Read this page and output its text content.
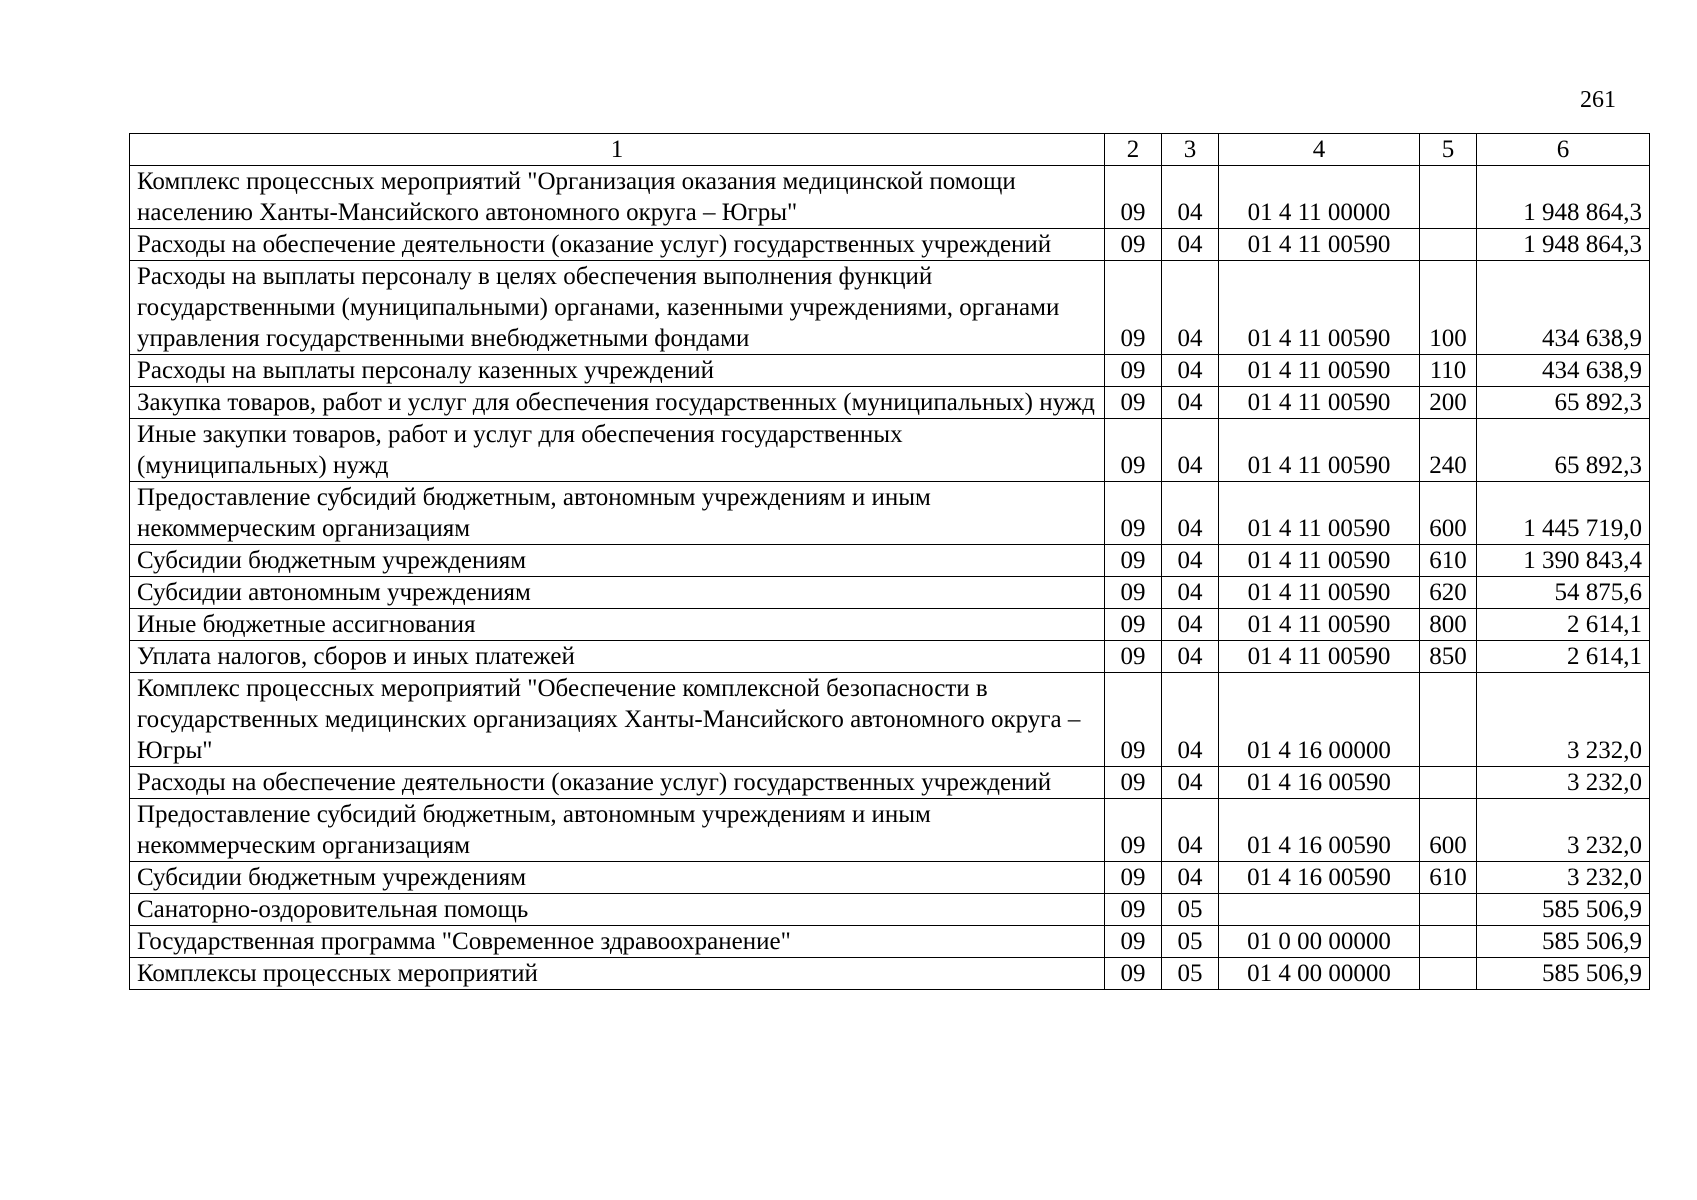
261
1	2	3	4	5	6
Комплекс процессных мероприятий "Организация оказания медицинской помощи населению Ханты-Мансийского автономного округа – Югры"	09	04	01 4 11 00000		1 948 864,3
Расходы на обеспечение деятельности (оказание услуг) государственных учреждений	09	04	01 4 11 00590		1 948 864,3
Расходы на выплаты персоналу в целях обеспечения выполнения функций государственными (муниципальными) органами, казенными учреждениями, органами управления государственными внебюджетными фондами	09	04	01 4 11 00590	100	434 638,9
Расходы на выплаты персоналу казенных учреждений	09	04	01 4 11 00590	110	434 638,9
Закупка товаров, работ и услуг для обеспечения государственных (муниципальных) нужд	09	04	01 4 11 00590	200	65 892,3
Иные закупки товаров, работ и услуг для обеспечения государственных (муниципальных) нужд	09	04	01 4 11 00590	240	65 892,3
Предоставление субсидий бюджетным, автономным учреждениям и иным некоммерческим организациям	09	04	01 4 11 00590	600	1 445 719,0
Субсидии бюджетным учреждениям	09	04	01 4 11 00590	610	1 390 843,4
Субсидии автономным учреждениям	09	04	01 4 11 00590	620	54 875,6
Иные бюджетные ассигнования	09	04	01 4 11 00590	800	2 614,1
Уплата налогов, сборов и иных платежей	09	04	01 4 11 00590	850	2 614,1
Комплекс процессных мероприятий "Обеспечение комплексной безопасности в государственных медицинских организациях Ханты-Мансийского автономного округа – Югры"	09	04	01 4 16 00000		3 232,0
Расходы на обеспечение деятельности (оказание услуг) государственных учреждений	09	04	01 4 16 00590		3 232,0
Предоставление субсидий бюджетным, автономным учреждениям и иным некоммерческим организациям	09	04	01 4 16 00590	600	3 232,0
Субсидии бюджетным учреждениям	09	04	01 4 16 00590	610	3 232,0
Санаторно-оздоровительная помощь	09	05			585 506,9
Государственная программа "Современное здравоохранение"	09	05	01 0 00 00000		585 506,9
Комплексы процессных мероприятий	09	05	01 4 00 00000		585 506,9
